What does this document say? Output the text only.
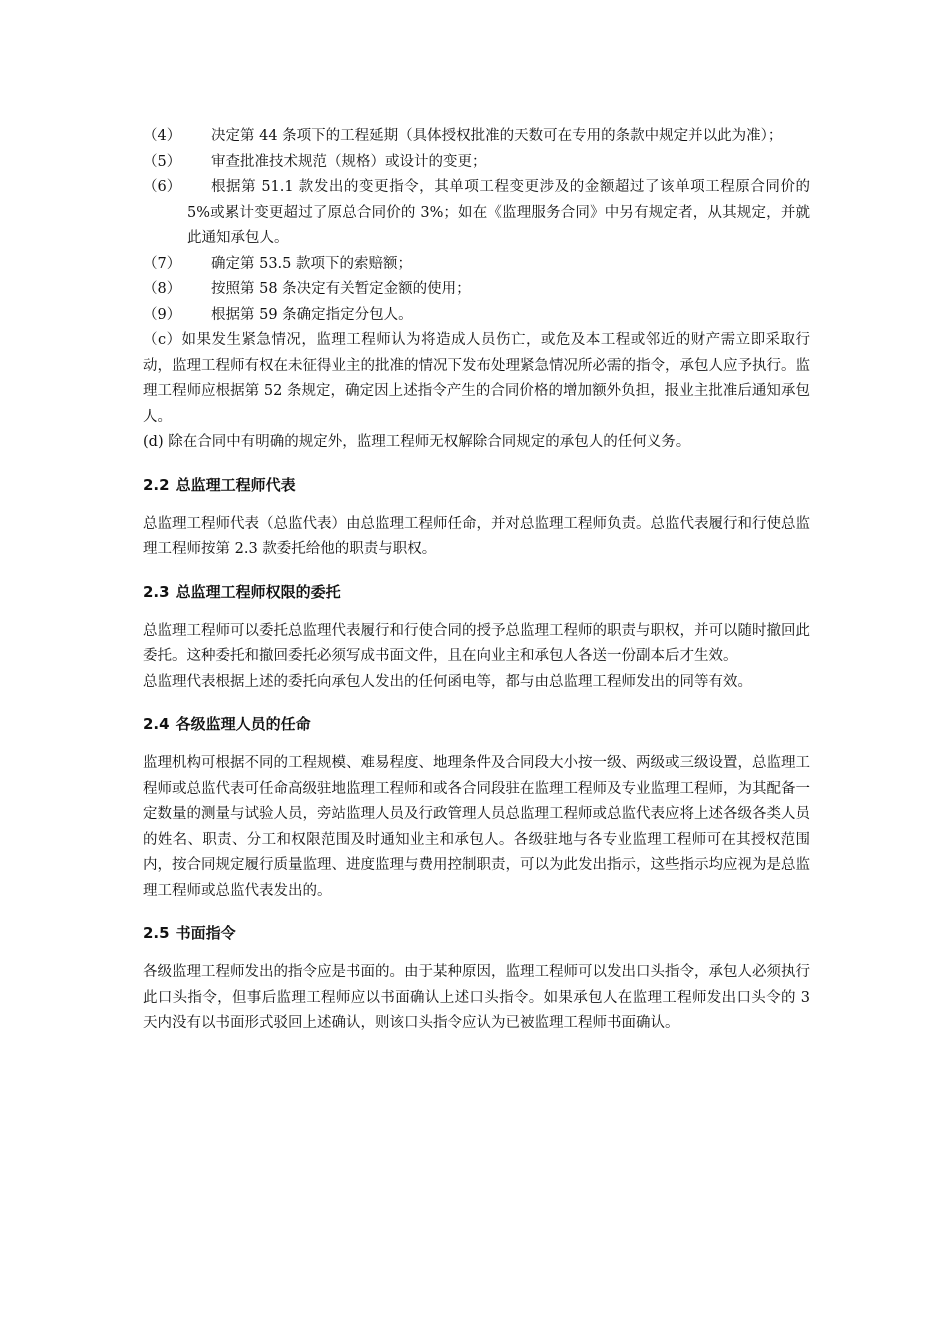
（4）	决定第 44 条项下的工程延期（具体授权批准的天数可在专用的条款中规定并以此为准）；
（5）	审查批准技术规范（规格）或设计的变更；
（6）	根据第 51.1 款发出的变更指令，其单项工程变更涉及的金额超过了该单项工程原合同价的 5%或累计变更超过了原总合同价的 3%；如在《监理服务合同》中另有规定者，从其规定，并就此通知承包人。
（7）	确定第 53.5 款项下的索赔额；
（8）	按照第 58 条决定有关暂定金额的使用；
（9）	根据第 59 条确定指定分包人。

（c）如果发生紧急情况，监理工程师认为将造成人员伤亡，或危及本工程或邻近的财产需立即采取行动，监理工程师有权在未征得业主的批准的情况下发布处理紧急情况所必需的指令，承包人应予执行。监理工程师应根据第 52 条规定，确定因上述指令产生的合同价格的增加额外负担，报业主批准后通知承包人。

(d) 除在合同中有明确的规定外，监理工程师无权解除合同规定的承包人的任何义务。

2.2 总监理工程师代表

总监理工程师代表（总监代表）由总监理工程师任命，并对总监理工程师负责。总监代表履行和行使总监理工程师按第 2.3 款委托给他的职责与职权。

2.3 总监理工程师权限的委托

总监理工程师可以委托总监理代表履行和行使合同的授予总监理工程师的职责与职权，并可以随时撤回此委托。这种委托和撤回委托必须写成书面文件，且在向业主和承包人各送一份副本后才生效。

总监理代表根据上述的委托向承包人发出的任何函电等，都与由总监理工程师发出的同等有效。

2.4 各级监理人员的任命

监理机构可根据不同的工程规模、难易程度、地理条件及合同段大小按一级、两级或三级设置，总监理工程师或总监代表可任命高级驻地监理工程师和或各合同段驻在监理工程师及专业监理工程师，为其配备一定数量的测量与试验人员，旁站监理人员及行政管理人员总监理工程师或总监代表应将上述各级各类人员的姓名、职责、分工和权限范围及时通知业主和承包人。各级驻地与各专业监理工程师可在其授权范围内，按合同规定履行质量监理、进度监理与费用控制职责，可以为此发出指示，这些指示均应视为是总监理工程师或总监代表发出的。

2.5 书面指令

各级监理工程师发出的指令应是书面的。由于某种原因，监理工程师可以发出口头指令，承包人必须执行此口头指令，但事后监理工程师应以书面确认上述口头指令。如果承包人在监理工程师发出口头令的 3 天内没有以书面形式驳回上述确认，则该口头指令应认为已被监理工程师书面确认。
